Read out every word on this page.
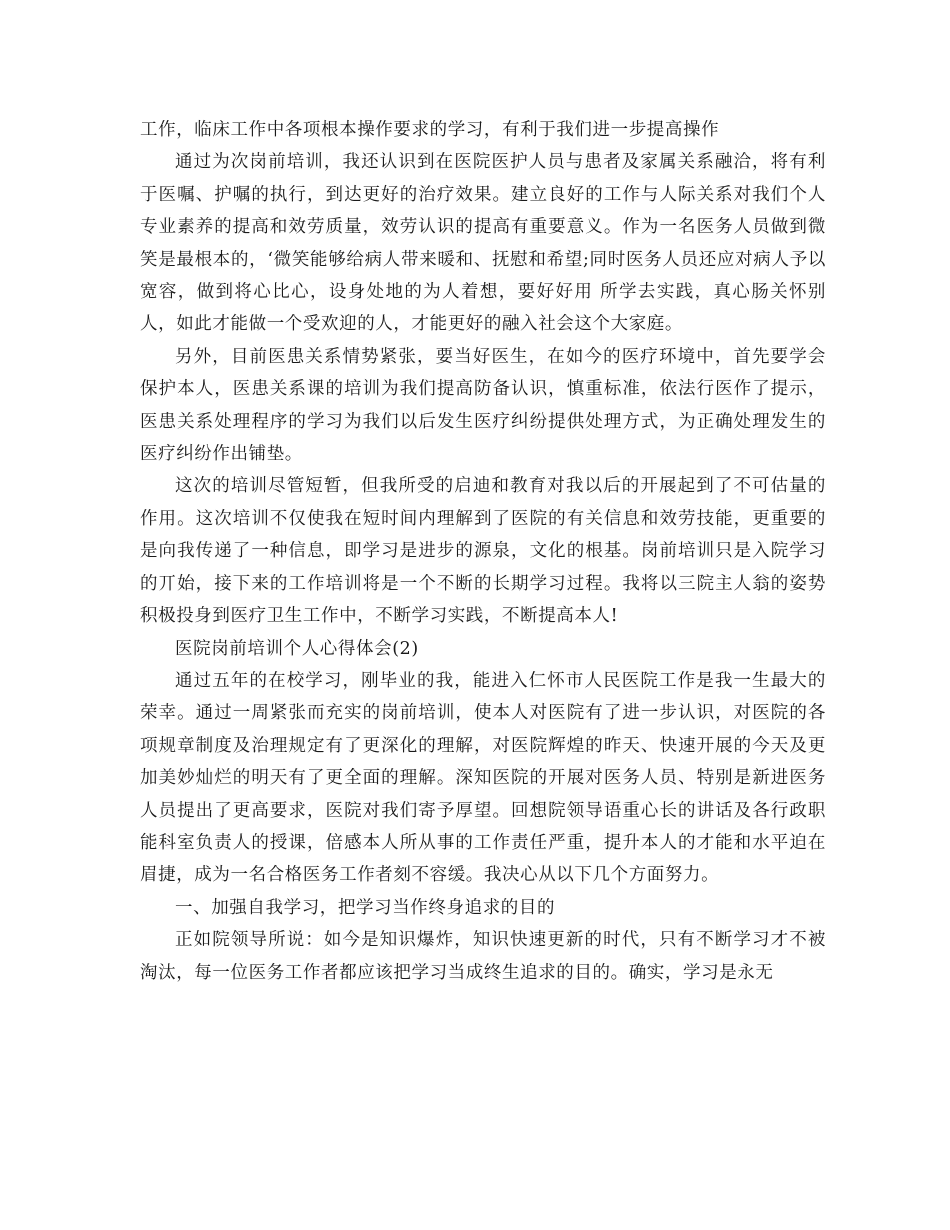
工作，临床工作中各项根本操作要求的学习，有利于我们进一步提高操作

通过为次岗前培训，我还认识到在医院医护人员与患者及家属关系融洽，将有利于医嘱、护嘱的执行，到达更好的治疗效果。建立良好的工作与人际关系对我们个人专业素养的提高和效劳质量，效劳认识的提高有重要意义。作为一名医务人员做到微笑是最根本的，‘微笑能够给病人带来暖和、抚慰和希望;同时医务人员还应对病人予以宽容，做到将心比心，设身处地的为人着想，要好好用 所学去实践，真心肠关怀别人，如此才能做一个受欢迎的人，才能更好的融入社会这个大家庭。

另外，目前医患关系情势紧张，要当好医生，在如今的医疗环境中，首先要学会保护本人，医患关系课的培训为我们提高防备认识，慎重标准，依法行医作了提示，医患关系处理程序的学习为我们以后发生医疗纠纷提供处理方式，为正确处理发生的医疗纠纷作出铺垫。

这次的培训尽管短暂，但我所受的启迪和教育对我以后的开展起到了不可估量的作用。这次培训不仅使我在短时间内理解到了医院的有关信息和效劳技能，更重要的是向我传递了一种信息，即学习是进步的源泉，文化的根基。岗前培训只是入院学习的丌始，接下来的工作培训将是一个不断的长期学习过程。我将以三院主人翁的姿势积极投身到医疗卫生工作中，不断学习实践，不断提高本人!

医院岗前培训个人心得体会(2)

通过五年的在校学习，刚毕业的我，能进入仁怀市人民医院工作是我一生最大的荣幸。通过一周紧张而充实的岗前培训，使本人对医院有了进一步认识，对医院的各项规章制度及治理规定有了更深化的理解，对医院辉煌的昨天、快速开展的今天及更加美妙灿烂的明天有了更全面的理解。深知医院的开展对医务人员、特别是新进医务人员提出了更高要求，医院对我们寄予厚望。回想院领导语重心长的讲话及各行政职能科室负责人的授课，倍感本人所从事的工作责任严重，提升本人的才能和水平迫在眉捷，成为一名合格医务工作者刻不容缓。我决心从以下几个方面努力。

一、加强自我学习，把学习当作终身追求的目的

正如院领导所说：如今是知识爆炸，知识快速更新的时代，只有不断学习才不被淘汰，每一位医务工作者都应该把学习当成终生追求的目的。确实，学习是永无
